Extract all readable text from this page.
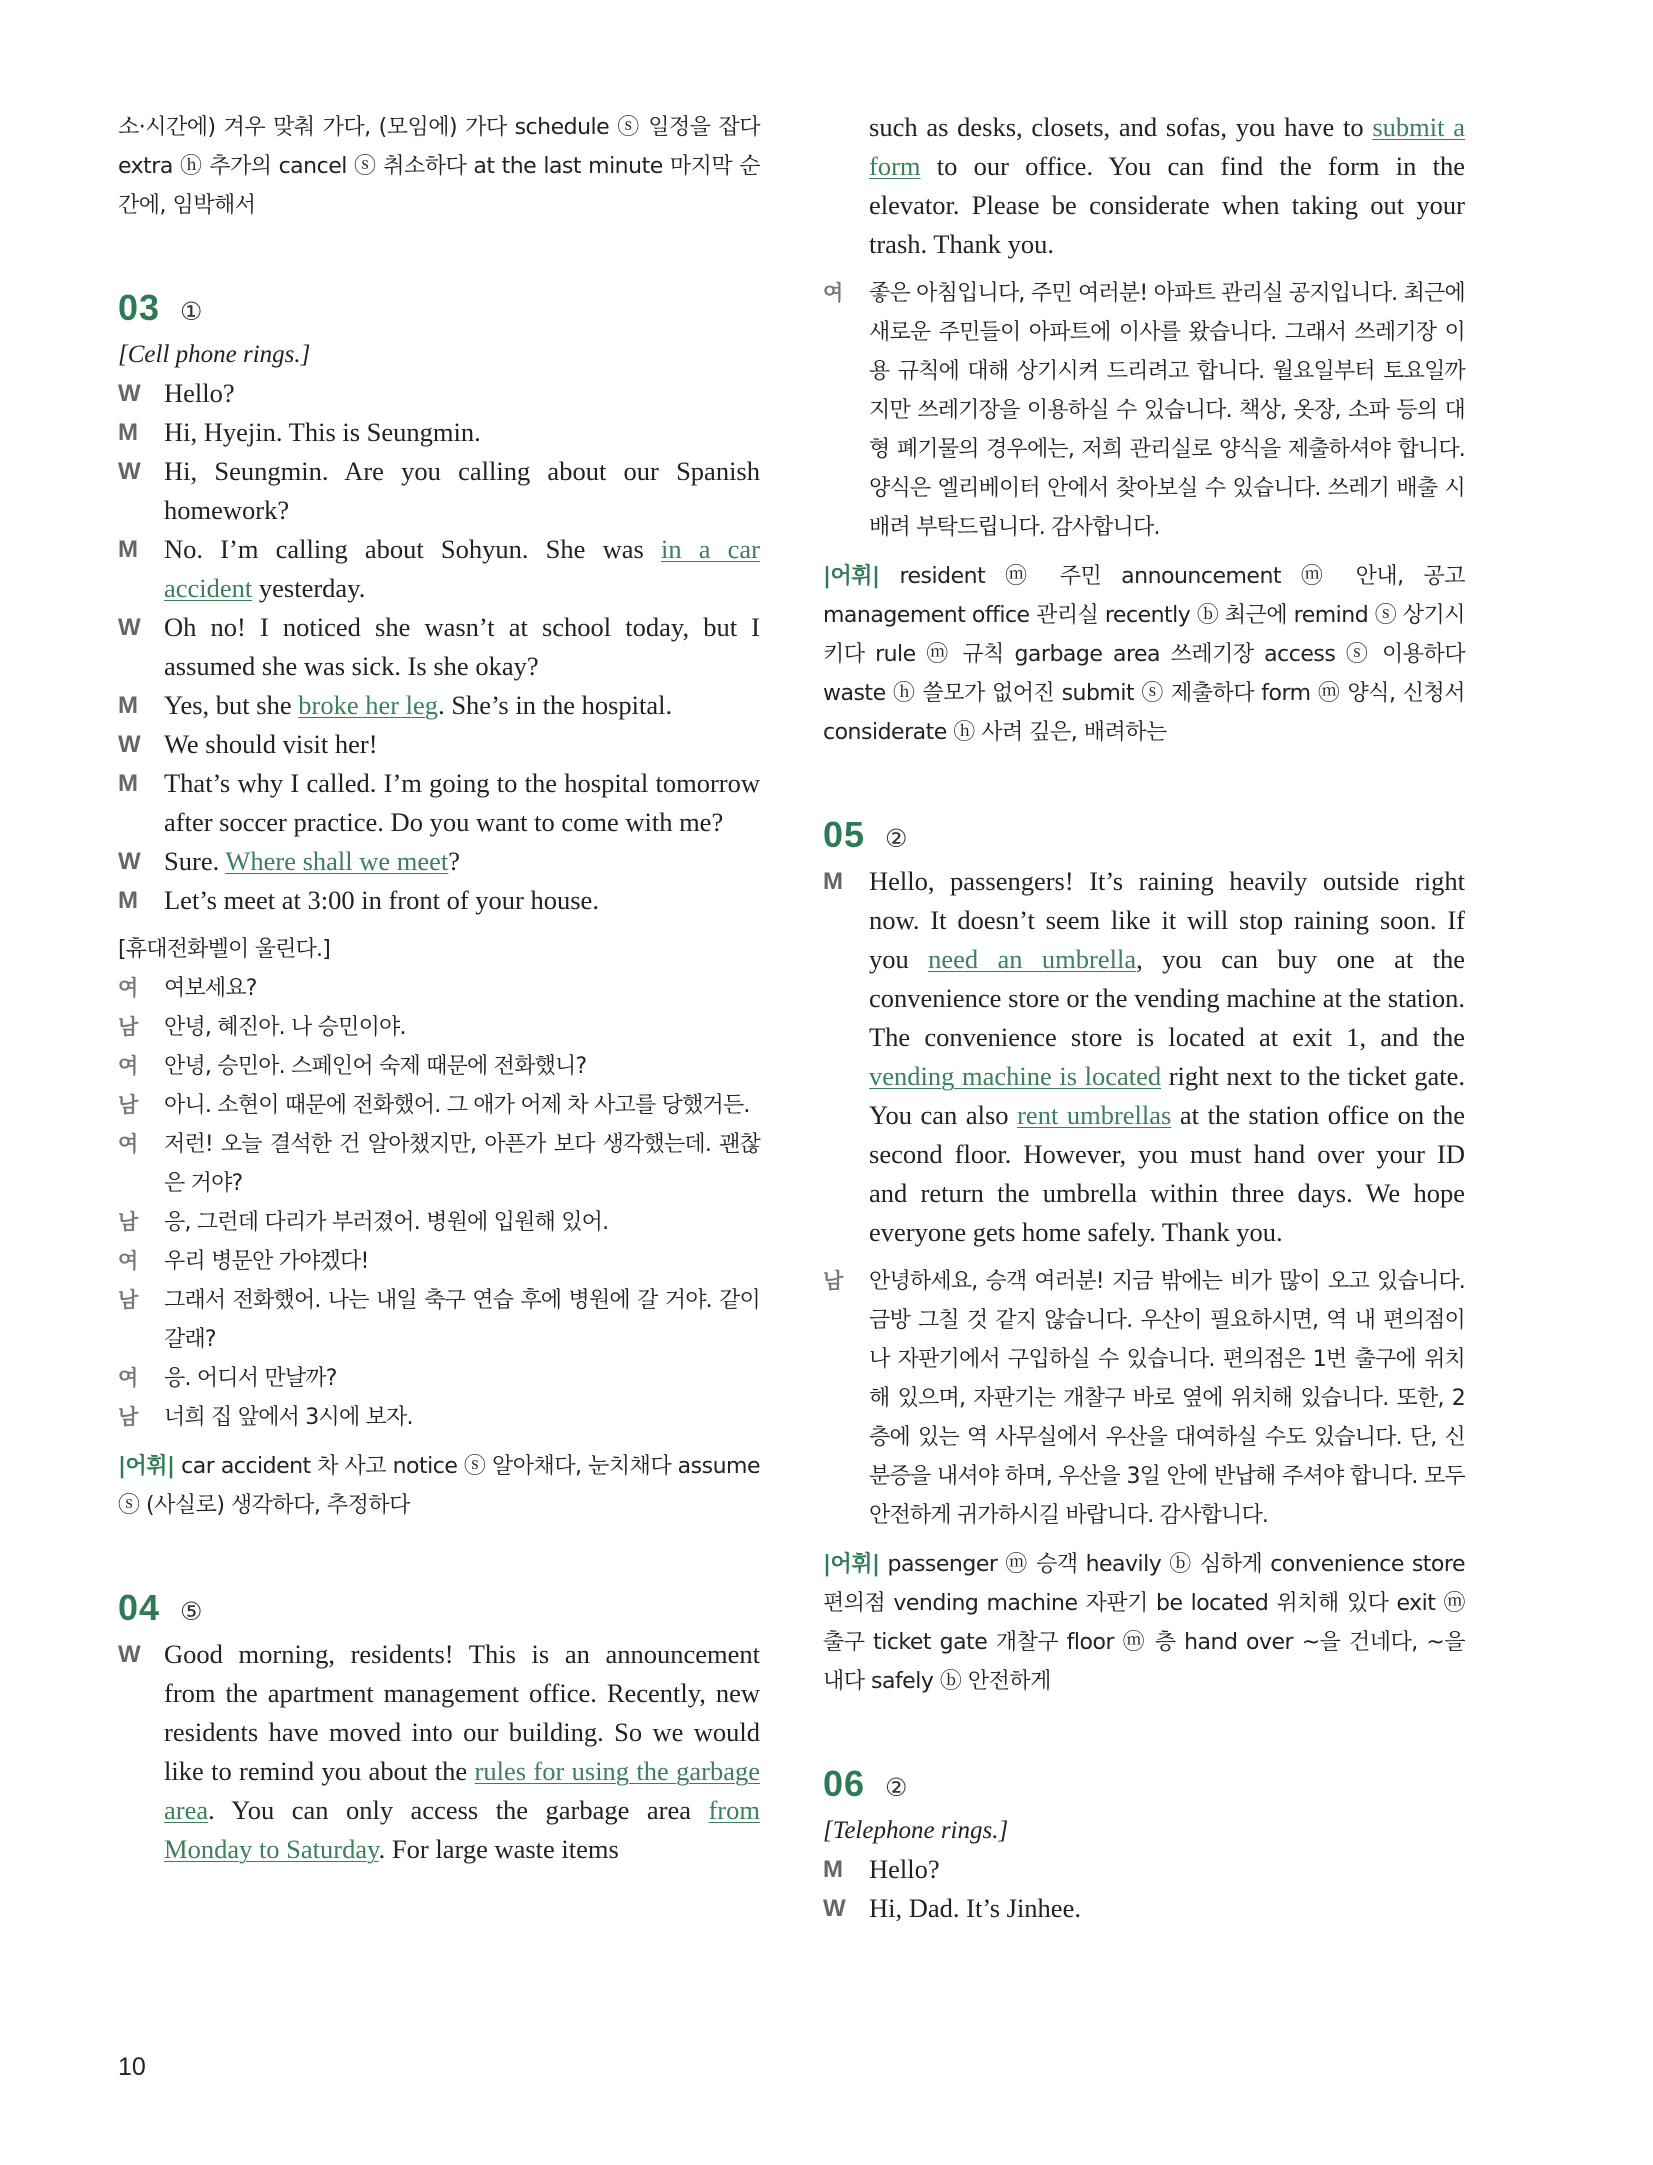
소·시간에) 겨우 맞춰 가다, (모임에) 가다 schedule ⓢ 일정을 잡다 extra ⓗ 추가의 cancel ⓢ 취소하다 at the last minute 마지막 순간에, 임박해서
03 ①
[Cell phone rings.]
W Hello?
M Hi, Hyejin. This is Seungmin.
W Hi, Seungmin. Are you calling about our Spanish homework?
M No. I’m calling about Sohyun. She was in a car accident yesterday.
W Oh no! I noticed she wasn’t at school today, but I assumed she was sick. Is she okay?
M Yes, but she broke her leg. She’s in the hospital.
W We should visit her!
M That’s why I called. I’m going to the hospital tomorrow after soccer practice. Do you want to come with me?
W Sure. Where shall we meet?
M Let’s meet at 3:00 in front of your house.
[휴대전화벨이 울린다.]
여	여보세요?
남	안녕, 혜진아. 나 승민이야.
여	안녕, 승민아. 스페인어 숙제 때문에 전화했니?
남	아니. 소현이 때문에 전화했어. 그 애가 어제 차 사고를 당했거든.
여	저런! 오늘 결석한 건 알아챘지만, 아픈가 보다 생각했는데. 괜찮은 거야?
남	응, 그런데 다리가 부러졌어. 병원에 입원해 있어.
여	우리 병문안 가야겠다!
남	그래서 전화했어. 나는 내일 축구 연습 후에 병원에 갈 거야. 같이 갈래?
여	응. 어디서 만날까?
남	너희 집 앞에서 3시에 보자.
|어휘| car accident 차 사고 notice ⓢ 알아채다, 눈치채다 assume ⓢ (사실로) 생각하다, 추정하다
04 ⑤
W Good morning, residents! This is an announcement from the apartment management office. Recently, new residents have moved into our building. So we would like to remind you about the rules for using the garbage area. You can only access the garbage area from Monday to Saturday. For large waste items
such as desks, closets, and sofas, you have to submit a form to our office. You can find the form in the elevator. Please be considerate when taking out your trash. Thank you.
여	좋은 아침입니다, 주민 여러분! 아파트 관리실 공지입니다. 최근에 새로운 주민들이 아파트에 이사를 왔습니다. 그래서 쓰레기장 이용 규칙에 대해 상기시켜 드리려고 합니다. 월요일부터 토요일까지만 쓰레기장을 이용하실 수 있습니다. 책상, 옷장, 소파 등의 대형 폐기물의 경우에는, 저희 관리실로 양식을 제출하셔야 합니다. 양식은 엘리베이터 안에서 찾아보실 수 있습니다. 쓰레기 배출 시 배려 부탁드립니다. 감사합니다.
|어휘| resident ⓜ 주민 announcement ⓜ 안내, 공고 management office 관리실 recently ⓑ 최근에 remind ⓢ 상기시키다 rule ⓜ 규칙 garbage area 쓰레기장 access ⓢ 이용하다 waste ⓗ 쓸모가 없어진 submit ⓢ 제출하다 form ⓜ 양식, 신청서 considerate ⓗ 사려 깊은, 배려하는
05 ②
M Hello, passengers! It’s raining heavily outside right now. It doesn’t seem like it will stop raining soon. If you need an umbrella, you can buy one at the convenience store or the vending machine at the station. The convenience store is located at exit 1, and the vending machine is located right next to the ticket gate. You can also rent umbrellas at the station office on the second floor. However, you must hand over your ID and return the umbrella within three days. We hope everyone gets home safely. Thank you.
남	안녕하세요, 승객 여러분! 지금 밖에는 비가 많이 오고 있습니다. 금방 그칠 것 같지 않습니다. 우산이 필요하시면, 역 내 편의점이나 자판기에서 구입하실 수 있습니다. 편의점은 1번 출구에 위치해 있으며, 자판기는 개찰구 바로 옆에 위치해 있습니다. 또한, 2층에 있는 역 사무실에서 우산을 대여하실 수도 있습니다. 단, 신분증을 내셔야 하며, 우산을 3일 안에 반납해 주셔야 합니다. 모두 안전하게 귀가하시길 바랍니다. 감사합니다.
|어휘| passenger ⓜ 승객 heavily ⓑ 심하게 convenience store 편의점 vending machine 자판기 be located 위치해 있다 exit ⓜ 출구 ticket gate 개찰구 floor ⓜ 층 hand over ~을 건네다, ~을 내다 safely ⓑ 안전하게
06 ②
[Telephone rings.]
M Hello?
W Hi, Dad. It’s Jinhee.
10
